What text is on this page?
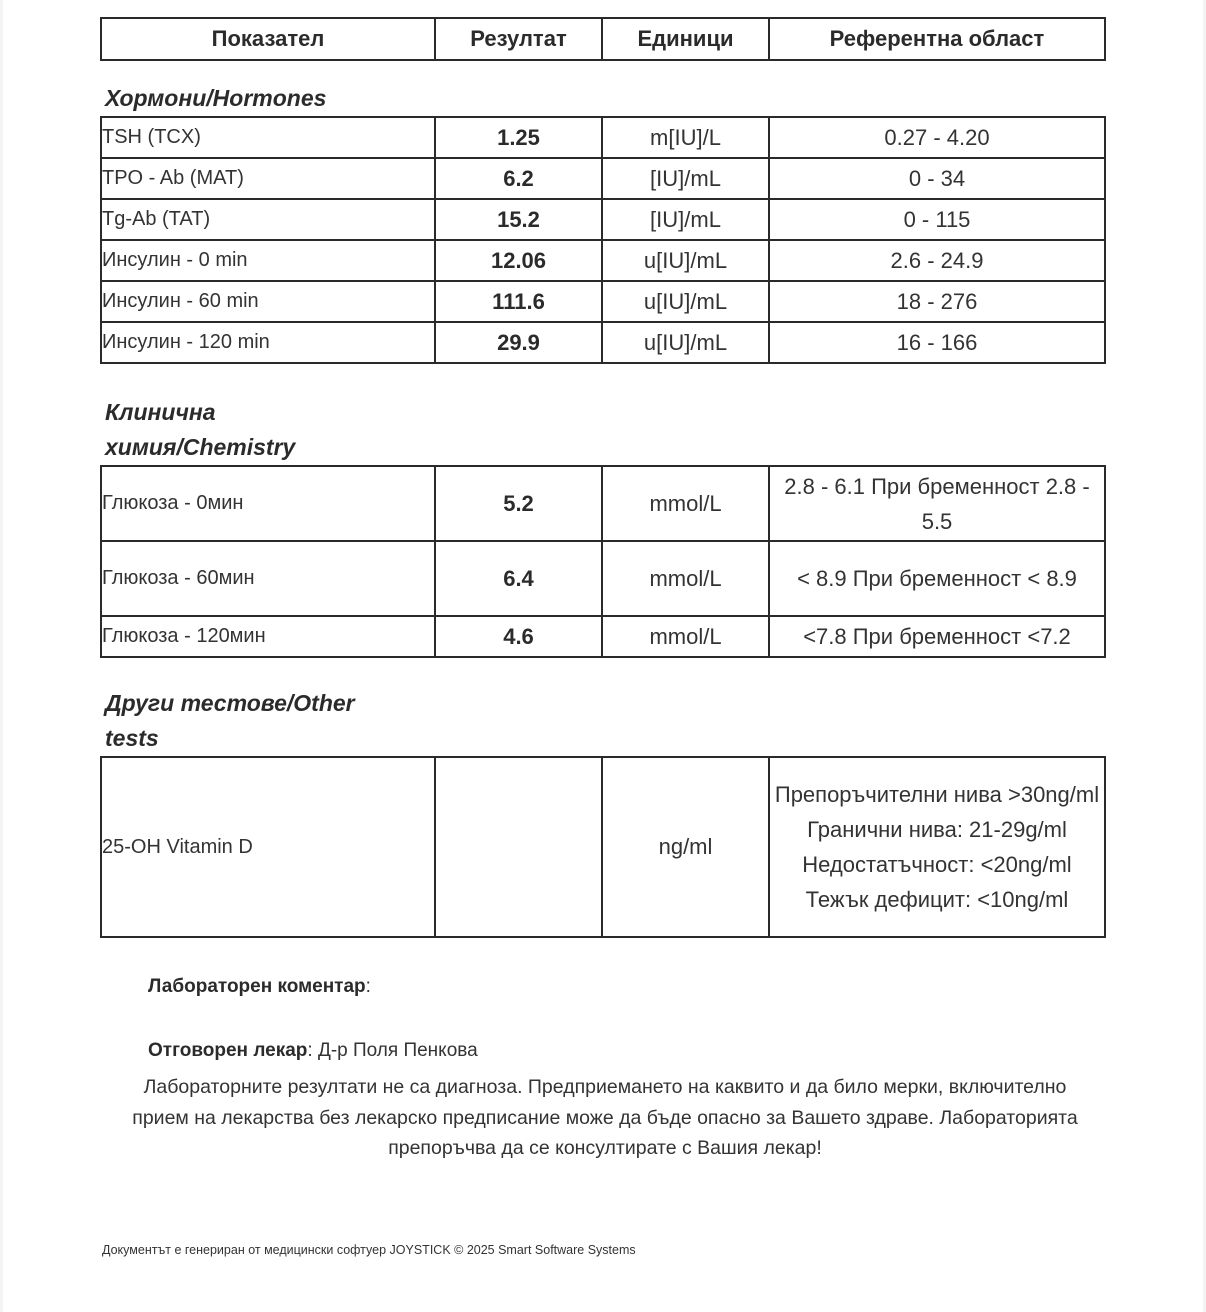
Показател	Резултат	Единици	Референтна област
Хормони/Hormones
TSH (TCX)	1.25	m[IU]/L	0.27 - 4.20
TPO - Ab (MAT)	6.2	[IU]/mL	0 - 34
Tg-Ab (TAT)	15.2	[IU]/mL	0 - 115
Инсулин - 0 min	12.06	u[IU]/mL	2.6 - 24.9
Инсулин - 60 min	111.6	u[IU]/mL	18 - 276
Инсулин - 120 min	29.9	u[IU]/mL	16 - 166
Клинична химия/Chemistry
Глюкоза - 0мин	5.2	mmol/L	2.8 - 6.1 При бременност 2.8 - 5.5
Глюкоза - 60мин	6.4	mmol/L	< 8.9 При бременност < 8.9
Глюкоза - 120мин	4.6	mmol/L	<7.8 При бременност <7.2
Други тестове/Other tests
25-OH Vitamin D		ng/ml	Препоръчителни нива >30ng/ml Гранични нива: 21-29g/ml Недостатъчност: <20ng/ml Тежък дефицит: <10ng/ml
Лабораторен коментар:
Отговорен лекар: Д-р Поля Пенкова
Лабораторните резултати не са диагноза. Предприемането на каквито и да било мерки, включително прием на лекарства без лекарско предписание може да бъде опасно за Вашето здраве. Лабораторията препоръчва да се консултирате с Вашия лекар!
Документът е генериран от медицински софтуер JOYSTICK © 2025 Smart Software Systems
